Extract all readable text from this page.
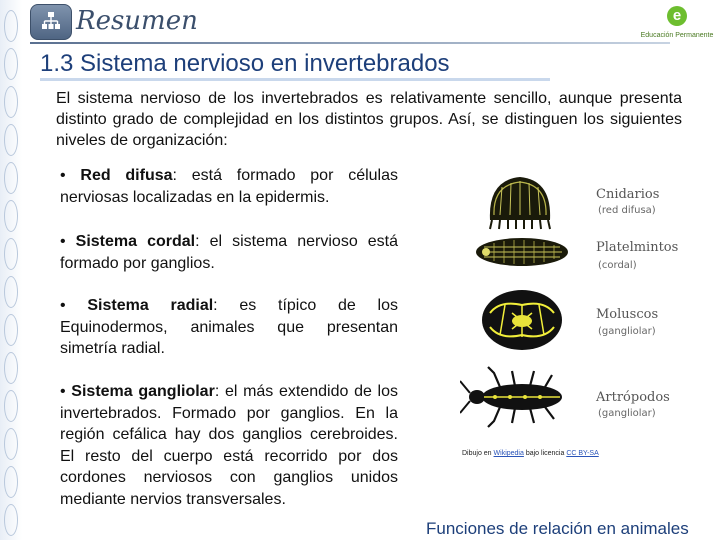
Resumen	e
Educación Permanente
1.3 Sistema nervioso en invertebrados
El sistema nervioso de los invertebrados es relativamente sencillo, aunque presenta distinto grado de complejidad en los distintos grupos. Así, se distinguen los siguientes niveles de organización:
• Red difusa: está formado por células nerviosas localizadas en la epidermis.
• Sistema cordal: el sistema nervioso está formado por ganglios.
• Sistema radial: es típico de los Equinodermos, animales que presentan simetría radial.
• Sistema gangliolar: el más extendido de los invertebrados. Formado por ganglios. En la región cefálica hay dos ganglios cerebroides. El resto del cuerpo está recorrido por dos cordones nerviosos con ganglios unidos mediante nervios transversales.
Cnidarios
(red difusa)
Platelmintos
(cordal)
Moluscos
(gangliolar)
Artrópodos
(gangliolar)
Dibujo en Wikipedia bajo licencia CC BY-SA
Funciones de relación en animales
